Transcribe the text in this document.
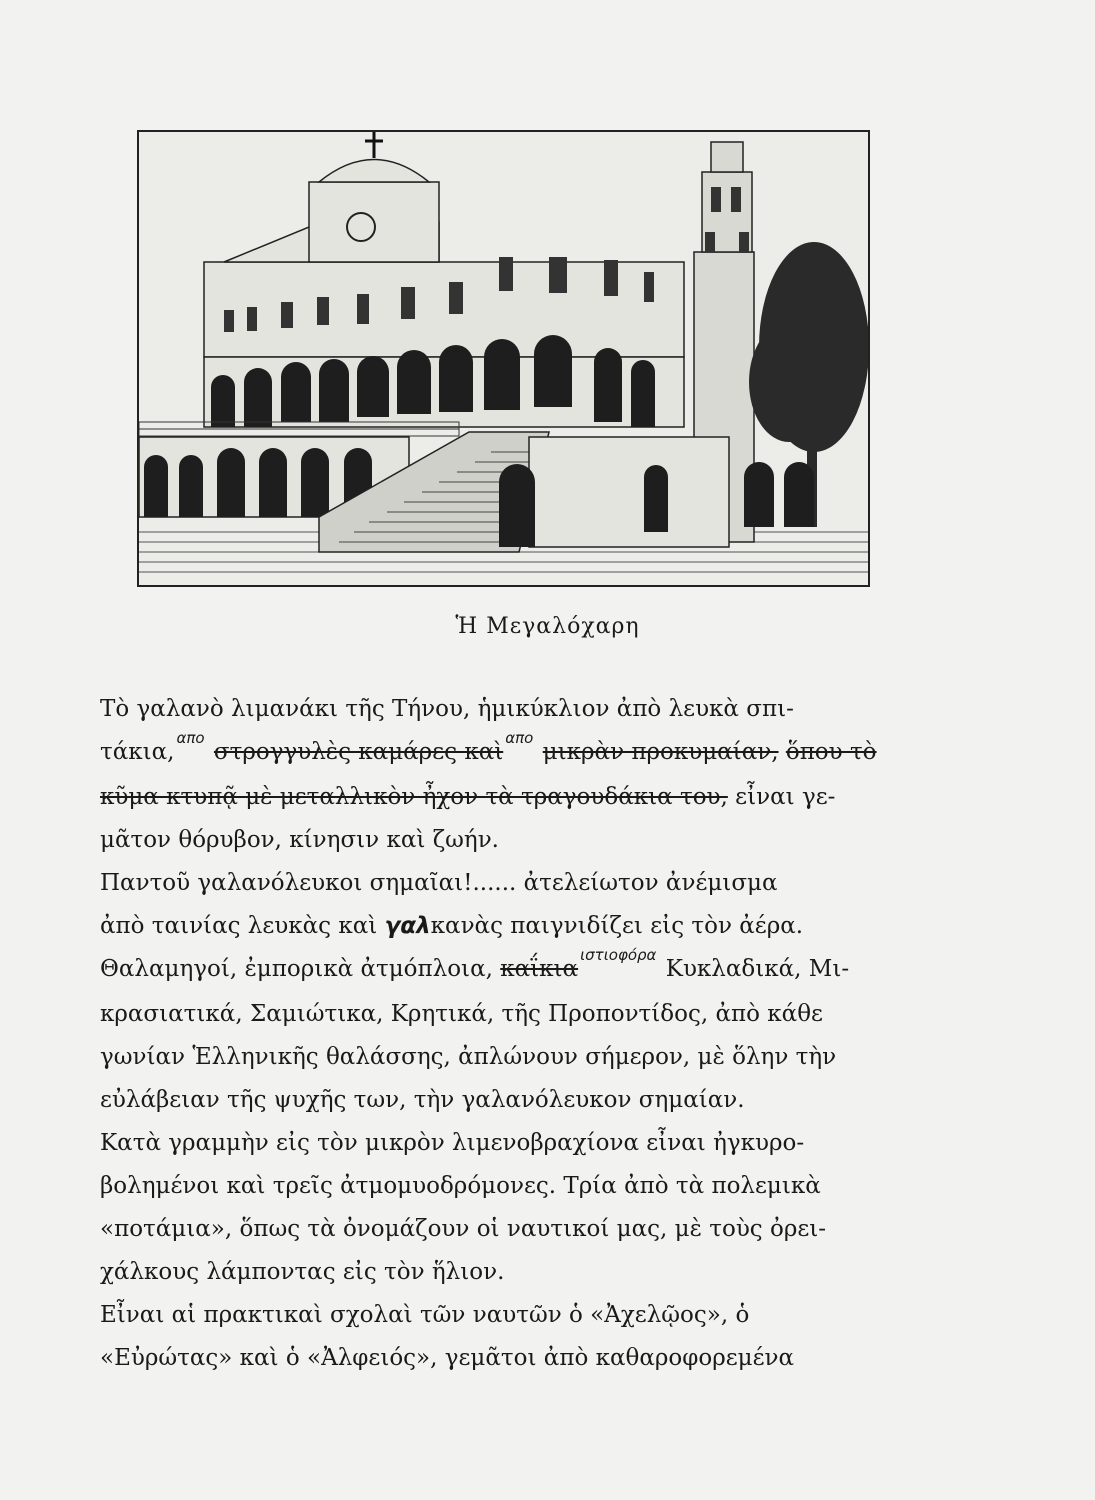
Ἡ Μεγαλόχαρη
Τὸ γαλανὸ λιμανάκι τῆς Τήνου, ἡμικύκλιον ἀπὸ λευκὰ σπι-
τάκια,$^{\alpha\pi o}$ στρογγυλὲς καμάρες καὶ$^{\alpha\pi o}$ μικρὰν προκυμαίαν, ὅπου τὸ
κῦμα κτυπᾷ μὲ μεταλλικὸν ἦχον τὰ τραγουδάκια του, εἶναι γε-
μᾶτον θόρυβον, κίνησιν καὶ ζωήν.
Παντοῦ γαλανόλευκοι σημαῖαι!...... ἀτελείωτον ἀνέμισμα
ἀπὸ ταινίας λευκὰς καὶ γαλκανὰς παιγνιδίζει εἰς τὸν ἀέρα.
Θαλαμηγοί, ἐμπορικὰ ἀτμόπλοια, καΐκια$^{\iota\sigma\tau\iota o\varphi ό\rho\alpha}$ Κυκλαδικά, Μι-
κρασιατικά, Σαμιώτικα, Κρητικά, τῆς Προποντίδος, ἀπὸ κάθε
γωνίαν Ἑλληνικῆς θαλάσσης, ἀπλώνουν σήμερον, μὲ ὅλην τὴν
εὐλάβειαν τῆς ψυχῆς των, τὴν γαλανόλευκον σημαίαν.
Κατὰ γραμμὴν εἰς τὸν μικρὸν λιμενοβραχίονα εἶναι ἠγκυρο-
βολημένοι καὶ τρεῖς ἀτμομυοδρόμονες. Τρία ἀπὸ τὰ πολεμικὰ
«ποτάμια», ὅπως τὰ ὀνομάζουν οἱ ναυτικοί μας, μὲ τοὺς ὀρει-
χάλκους λάμποντας εἰς τὸν ἥλιον.
Εἶναι αἱ πρακτικαὶ σχολαὶ τῶν ναυτῶν ὁ «Ἀχελῷος», ὁ
«Εὐρώτας» καὶ ὁ «Ἀλφειός», γεμᾶτοι ἀπὸ καθαροφορεμένα
